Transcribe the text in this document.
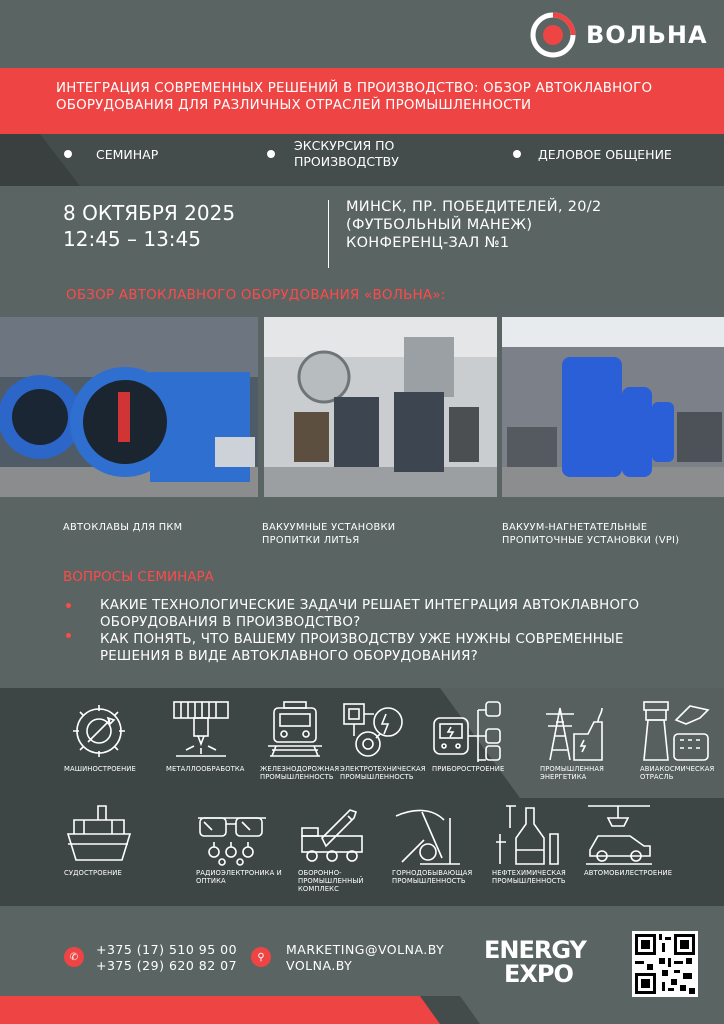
ВОЛЬНА
ИНТЕГРАЦИЯ СОВРЕМЕННЫХ РЕШЕНИЙ В ПРОИЗВОДСТВО: ОБЗОР АВТОКЛАВНОГО ОБОРУДОВАНИЯ ДЛЯ РАЗЛИЧНЫХ ОТРАСЛЕЙ ПРОМЫШЛЕННОСТИ
СЕМИНАР
ЭКСКУРСИЯ ПО ПРОИЗВОДСТВУ	ДЕЛОВОЕ ОБЩЕНИЕ
8 ОКТЯБРЯ 2025
12:45 – 13:45
МИНСК, ПР. ПОБЕДИТЕЛЕЙ, 20/2
(ФУТБОЛЬНЫЙ МАНЕЖ)
КОНФЕРЕНЦ-ЗАЛ №1
ОБЗОР АВТОКЛАВНОГО ОБОРУДОВАНИЯ «ВОЛЬНА»:
АВТОКЛАВЫ ДЛЯ ПКМ	ВАКУУМНЫЕ УСТАНОВКИ
ПРОПИТКИ ЛИТЬЯ
ВАКУУМ-НАГНЕТАТЕЛЬНЫЕ
ПРОПИТОЧНЫЕ УСТАНОВКИ (VPI)
ВОПРОСЫ СЕМИНАРА
КАКИЕ ТЕХНОЛОГИЧЕСКИЕ ЗАДАЧИ РЕШАЕТ ИНТЕГРАЦИЯ АВТОКЛАВНОГО
ОБОРУДОВАНИЯ В ПРОИЗВОДСТВО?
КАК ПОНЯТЬ, ЧТО ВАШЕМУ ПРОИЗВОДСТВУ УЖЕ НУЖНЫ СОВРЕМЕННЫЕ
РЕШЕНИЯ В ВИДЕ АВТОКЛАВНОГО ОБОРУДОВАНИЯ?
МАШИНОСТРОЕНИЕ	МЕТАЛЛООБРАБОТКА ЖЕЛЕЗНОДОРОЖНАЯ ПРОМЫШЛЕННОСТЬ
ЭЛЕКТРОТЕХНИЧЕСКАЯ ПРОМЫШЛЕННОСТЬ
ПРИБОРОСТРОЕНИЕ	ПРОМЫШЛЕННАЯ ЭНЕРГЕТИКА
АВИАКОСМИЧЕСКАЯ ОТРАСЛЬ
СУДОСТРОЕНИЕ	РАДИОЭЛЕКТРОНИКА И ОПТИКА
ОБОРОННО-ПРОМЫШЛЕННЫЙ КОМПЛЕКС
ГОРНОДОБЫВАЮЩАЯ ПРОМЫШЛЕННОСТЬ
НЕФТЕХИМИЧЕСКАЯ ПРОМЫШЛЕННОСТЬ
АВТОМОБИЛЕСТРОЕНИЕ
✆	+375 (17) 510 95 00
+375 (29) 620 82 07
⚲	MARKETING@VOLNA.BY
VOLNA.BY
ENERGY
EXPO
